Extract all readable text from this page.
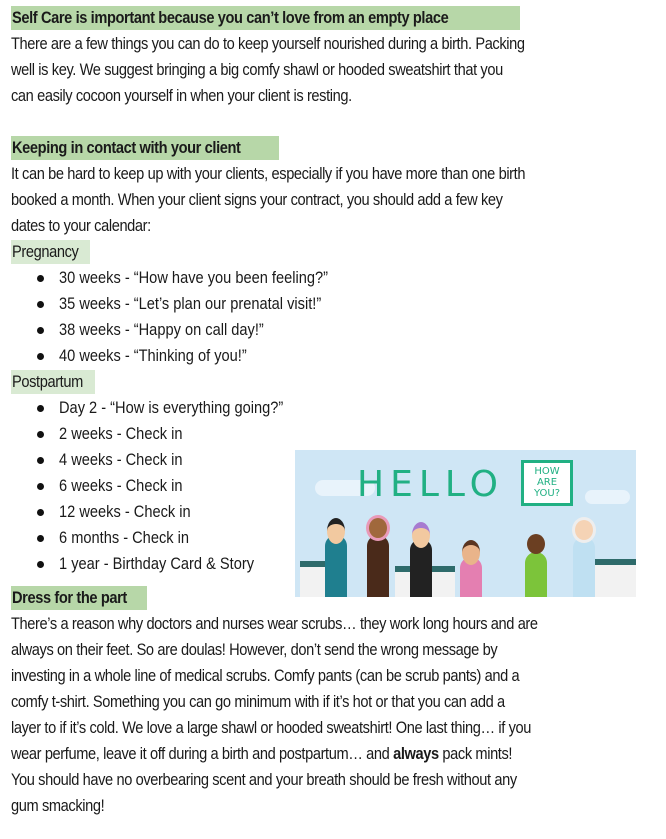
Self Care is important because you can’t love from an empty place
There are a few things you can do to keep yourself nourished during a birth. Packing
well is key. We suggest bringing a big comfy shawl or hooded sweatshirt that you
can easily cocoon yourself in when your client is resting.
Keeping in contact with your client
It can be hard to keep up with your clients, especially if you have more than one birth
booked a month. When your client signs your contract, you should add a few key
dates to your calendar:
Pregnancy
30 weeks - “How have you been feeling?”
35 weeks - “Let’s plan our prenatal visit!”
38 weeks - “Happy on call day!”
40 weeks - “Thinking of you!”
Postpartum
Day 2 - “How is everything going?”
2 weeks - Check in
4 weeks - Check in
6 weeks - Check in
12 weeks - Check in
6 months - Check in
1 year - Birthday Card & Story
Dress for the part
There’s a reason why doctors and nurses wear scrubs… they work long hours and are
always on their feet. So are doulas! However, don’t send the wrong message by
investing in a whole line of medical scrubs. Comfy pants (can be scrub pants) and a
comfy t-shirt. Something you can go minimum with if it’s hot or that you can add a
layer to if it’s cold. We love a large shawl or hooded sweatshirt! One last thing… if you
wear perfume, leave it off during a birth and postpartum… and always pack mints!
You should have no overbearing scent and your breath should be fresh without any
gum smacking!
HELLO	HOW
ARE
YOU?
